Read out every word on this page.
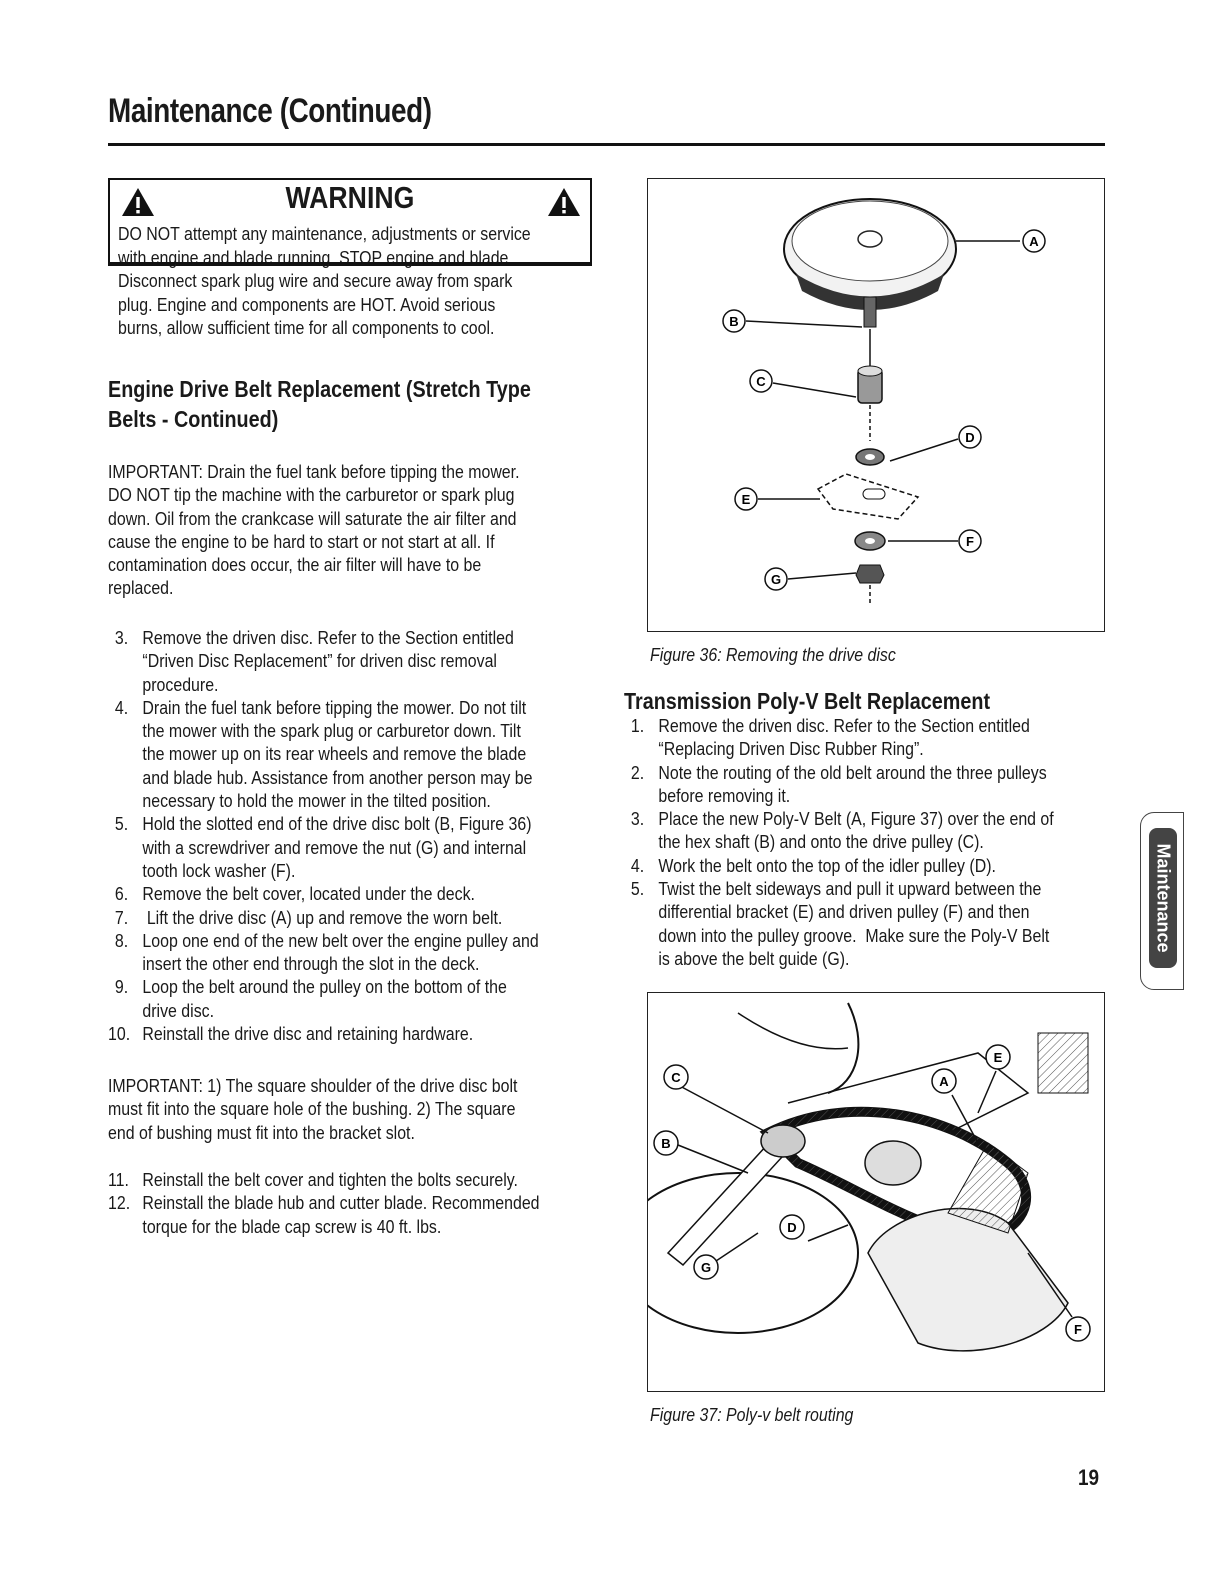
Maintenance (Continued)
WARNING
DO NOT attempt any maintenance, adjustments or service
with engine and blade running. STOP engine and blade.
Disconnect spark plug wire and secure away from spark
plug. Engine and components are HOT. Avoid serious
burns, allow sufficient time for all components to cool.
Engine Drive Belt Replacement (Stretch Type
Belts - Continued)
IMPORTANT: Drain the fuel tank before tipping the mower.
DO NOT tip the machine with the carburetor or spark plug
down. Oil from the crankcase will saturate the air filter and
cause the engine to be hard to start or not start at all. If
contamination does occur, the air filter will have to be
replaced.
3. Remove the driven disc. Refer to the Section entitled
“Driven Disc Replacement” for driven disc removal
procedure.
4. Drain the fuel tank before tipping the mower. Do not tilt
the mower with the spark plug or carburetor down. Tilt
the mower up on its rear wheels and remove the blade
and blade hub. Assistance from another person may be
necessary to hold the mower in the tilted position.
5. Hold the slotted end of the drive disc bolt (B, Figure 36)
with a screwdriver and remove the nut (G) and internal
tooth lock washer (F).
6. Remove the belt cover, located under the deck.
7. Lift the drive disc (A) up and remove the worn belt.
8. Loop one end of the new belt over the engine pulley and
insert the other end through the slot in the deck.
9. Loop the belt around the pulley on the bottom of the
drive disc.
10. Reinstall the drive disc and retaining hardware.
IMPORTANT: 1) The square shoulder of the drive disc bolt
must fit into the square hole of the bushing. 2) The square
end of bushing must fit into the bracket slot.
11. Reinstall the belt cover and tighten the bolts securely.
12. Reinstall the blade hub and cutter blade. Recommended
torque for the blade cap screw is 40 ft. lbs.
A
B
C
D
E
F
G
Figure 36: Removing the drive disc
Transmission Poly-V Belt Replacement
1. Remove the driven disc. Refer to the Section entitled
“Replacing Driven Disc Rubber Ring”.
2. Note the routing of the old belt around the three pulleys
before removing it.
3. Place the new Poly-V Belt (A, Figure 37) over the end of
the hex shaft (B) and onto the drive pulley (C).
4. Work the belt onto the top of the idler pulley (D).
5. Twist the belt sideways and pull it upward between the
differential bracket (E) and driven pulley (F) and then
down into the pulley groove.  Make sure the Poly-V Belt
is above the belt guide (G).
A
B
C
D
E
F
G
Figure 37: Poly-v belt routing
Maintenance
19
